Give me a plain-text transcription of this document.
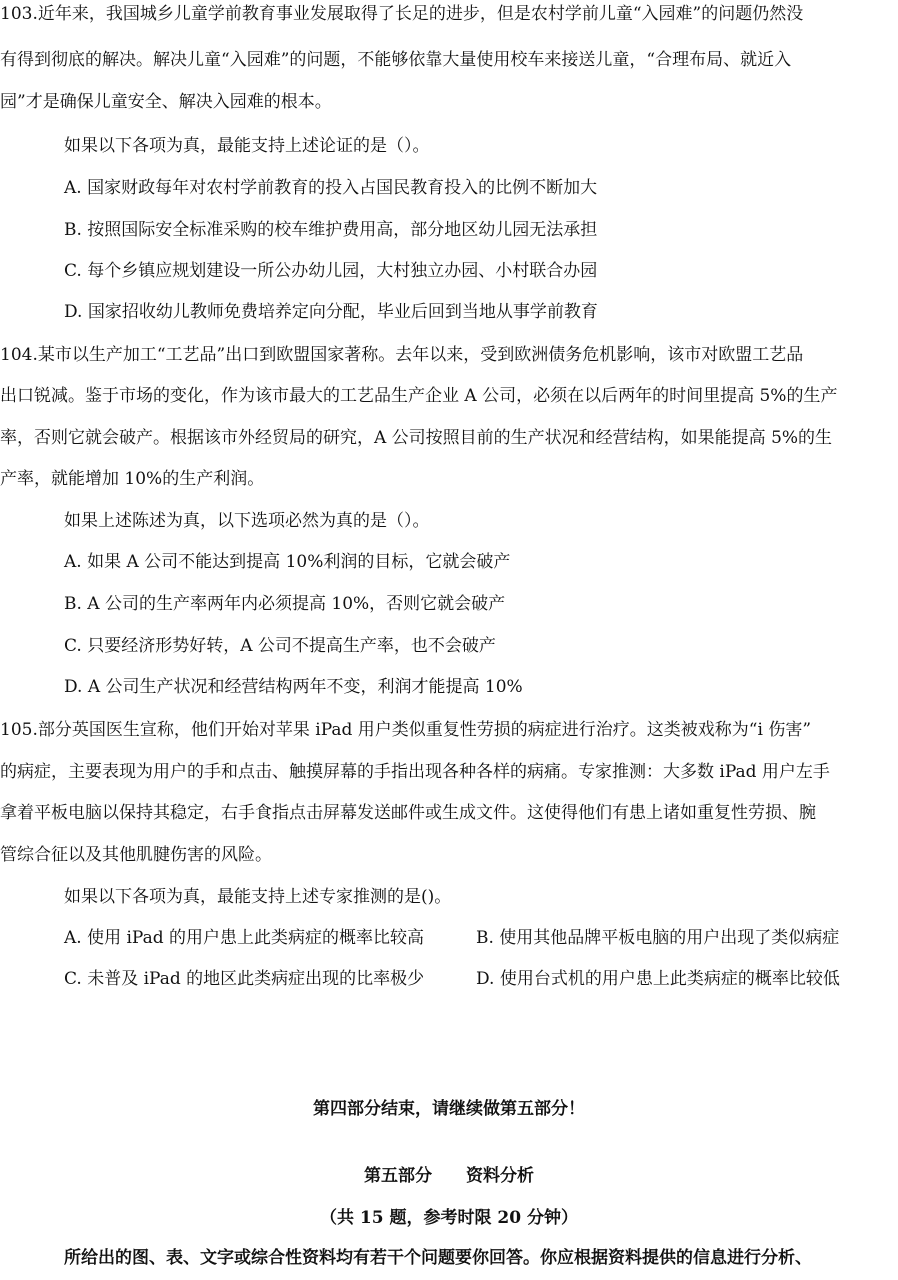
103.近年来，我国城乡儿童学前教育事业发展取得了长足的进步，但是农村学前儿童“入园难”的问题仍然没
有得到彻底的解决。解决儿童“入园难”的问题，不能够依靠大量使用校车来接送儿童，“合理布局、就近入
园”才是确保儿童安全、解决入园难的根本。
如果以下各项为真，最能支持上述论证的是（）。
A. 国家财政每年对农村学前教育的投入占国民教育投入的比例不断加大
B. 按照国际安全标准采购的校车维护费用高，部分地区幼儿园无法承担
C. 每个乡镇应规划建设一所公办幼儿园，大村独立办园、小村联合办园
D. 国家招收幼儿教师免费培养定向分配，毕业后回到当地从事学前教育
104.某市以生产加工“工艺品”出口到欧盟国家著称。去年以来，受到欧洲债务危机影响，该市对欧盟工艺品
出口锐减。鉴于市场的变化，作为该市最大的工艺品生产企业 A 公司，必须在以后两年的时间里提高 5%的生产
率，否则它就会破产。根据该市外经贸局的研究，A 公司按照目前的生产状况和经营结构，如果能提高 5%的生
产率，就能增加 10%的生产利润。
如果上述陈述为真，以下选项必然为真的是（）。
A. 如果 A 公司不能达到提高 10%利润的目标，它就会破产
B. A 公司的生产率两年内必须提高 10%，否则它就会破产
C. 只要经济形势好转，A 公司不提高生产率，也不会破产
D. A 公司生产状况和经营结构两年不变，利润才能提高 10%
105.部分英国医生宣称，他们开始对苹果 iPad 用户类似重复性劳损的病症进行治疗。这类被戏称为“i 伤害”
的病症，主要表现为用户的手和点击、触摸屏幕的手指出现各种各样的病痛。专家推测：大多数 iPad 用户左手
拿着平板电脑以保持其稳定，右手食指点击屏幕发送邮件或生成文件。这使得他们有患上诸如重复性劳损、腕
管综合征以及其他肌腱伤害的风险。
如果以下各项为真，最能支持上述专家推测的是()。
A. 使用 iPad 的用户患上此类病症的概率比较高	B. 使用其他品牌平板电脑的用户出现了类似病症
C. 未普及 iPad 的地区此类病症出现的比率极少	D. 使用台式机的用户患上此类病症的概率比较低
第四部分结束，请继续做第五部分！
第五部分　　资料分析
（共 15 题，参考时限 20 分钟）
所给出的图、表、文字或综合性资料均有若干个问题要你回答。你应根据资料提供的信息进行分析、
